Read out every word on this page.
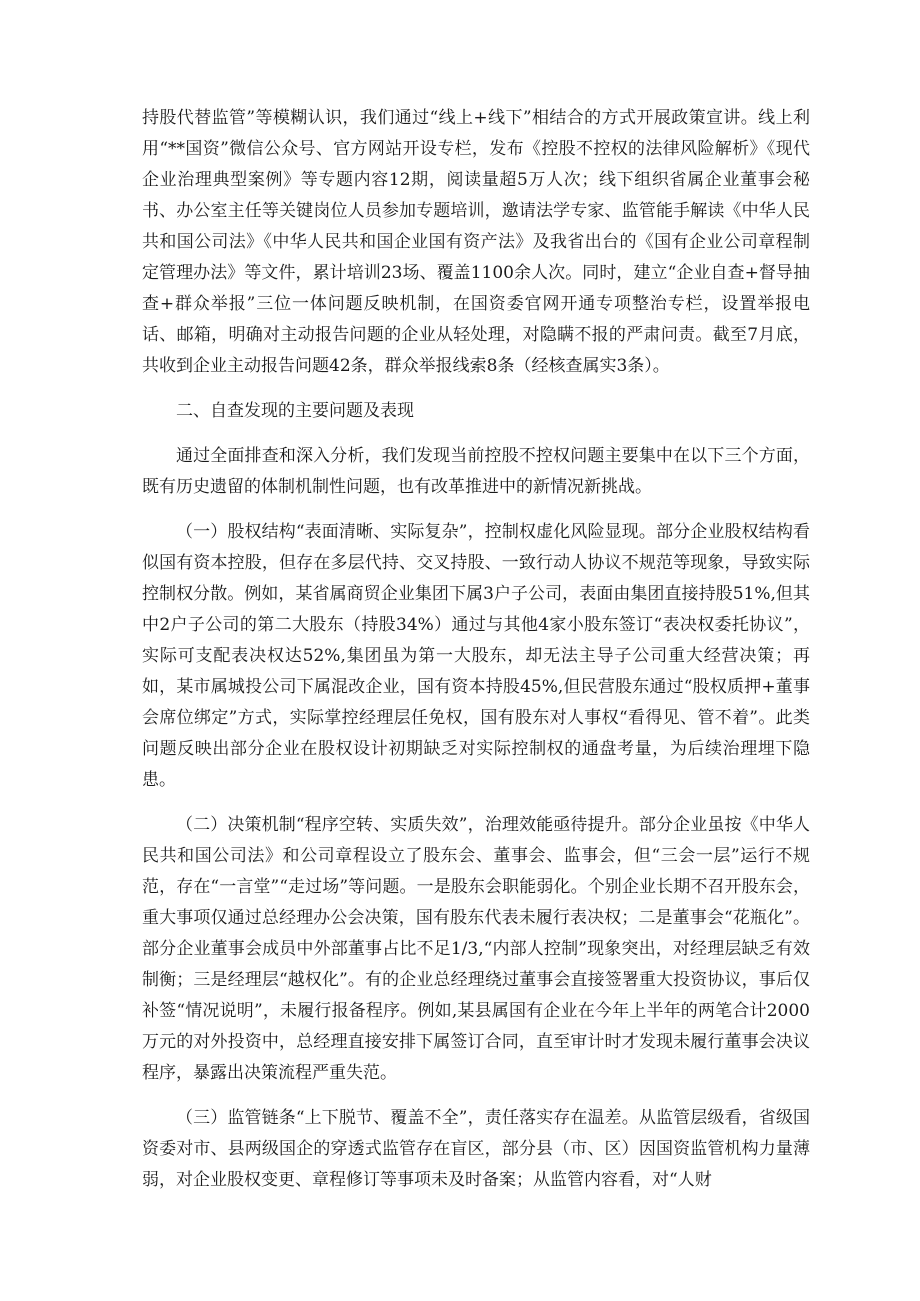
持股代替监管”等模糊认识，我们通过“线上+线下”相结合的方式开展政策宣讲。线上利用“**国资”微信公众号、官方网站开设专栏，发布《控股不控权的法律风险解析》《现代企业治理典型案例》等专题内容12期，阅读量超5万人次；线下组织省属企业董事会秘书、办公室主任等关键岗位人员参加专题培训，邀请法学专家、监管能手解读《中华人民共和国公司法》《中华人民共和国企业国有资产法》及我省出台的《国有企业公司章程制定管理办法》等文件，累计培训23场、覆盖1100余人次。同时，建立“企业自查+督导抽查+群众举报”三位一体问题反映机制，在国资委官网开通专项整治专栏，设置举报电话、邮箱，明确对主动报告问题的企业从轻处理，对隐瞒不报的严肃问责。截至7月底，共收到企业主动报告问题42条，群众举报线索8条（经核查属实3条）。

二、自查发现的主要问题及表现

通过全面排查和深入分析，我们发现当前控股不控权问题主要集中在以下三个方面，既有历史遗留的体制机制性问题，也有改革推进中的新情况新挑战。

（一）股权结构“表面清晰、实际复杂”，控制权虚化风险显现。部分企业股权结构看似国有资本控股，但存在多层代持、交叉持股、一致行动人协议不规范等现象，导致实际控制权分散。例如，某省属商贸企业集团下属3户子公司，表面由集团直接持股51%,但其中2户子公司的第二大股东（持股34%）通过与其他4家小股东签订“表决权委托协议”，实际可支配表决权达52%,集团虽为第一大股东，却无法主导子公司重大经营决策；再如，某市属城投公司下属混改企业，国有资本持股45%,但民营股东通过“股权质押+董事会席位绑定”方式，实际掌控经理层任免权，国有股东对人事权“看得见、管不着”。此类问题反映出部分企业在股权设计初期缺乏对实际控制权的通盘考量，为后续治理埋下隐患。

（二）决策机制“程序空转、实质失效”，治理效能亟待提升。部分企业虽按《中华人民共和国公司法》和公司章程设立了股东会、董事会、监事会，但“三会一层”运行不规范，存在“一言堂”“走过场”等问题。一是股东会职能弱化。个别企业长期不召开股东会，重大事项仅通过总经理办公会决策，国有股东代表未履行表决权；二是董事会“花瓶化”。部分企业董事会成员中外部董事占比不足1/3,“内部人控制”现象突出，对经理层缺乏有效制衡；三是经理层“越权化”。有的企业总经理绕过董事会直接签署重大投资协议，事后仅补签“情况说明”，未履行报备程序。例如,某县属国有企业在今年上半年的两笔合计2000万元的对外投资中，总经理直接安排下属签订合同，直至审计时才发现未履行董事会决议程序，暴露出决策流程严重失范。

（三）监管链条“上下脱节、覆盖不全”，责任落实存在温差。从监管层级看，省级国资委对市、县两级国企的穿透式监管存在盲区，部分县（市、区）因国资监管机构力量薄弱，对企业股权变更、章程修订等事项未及时备案；从监管内容看，对“人财
